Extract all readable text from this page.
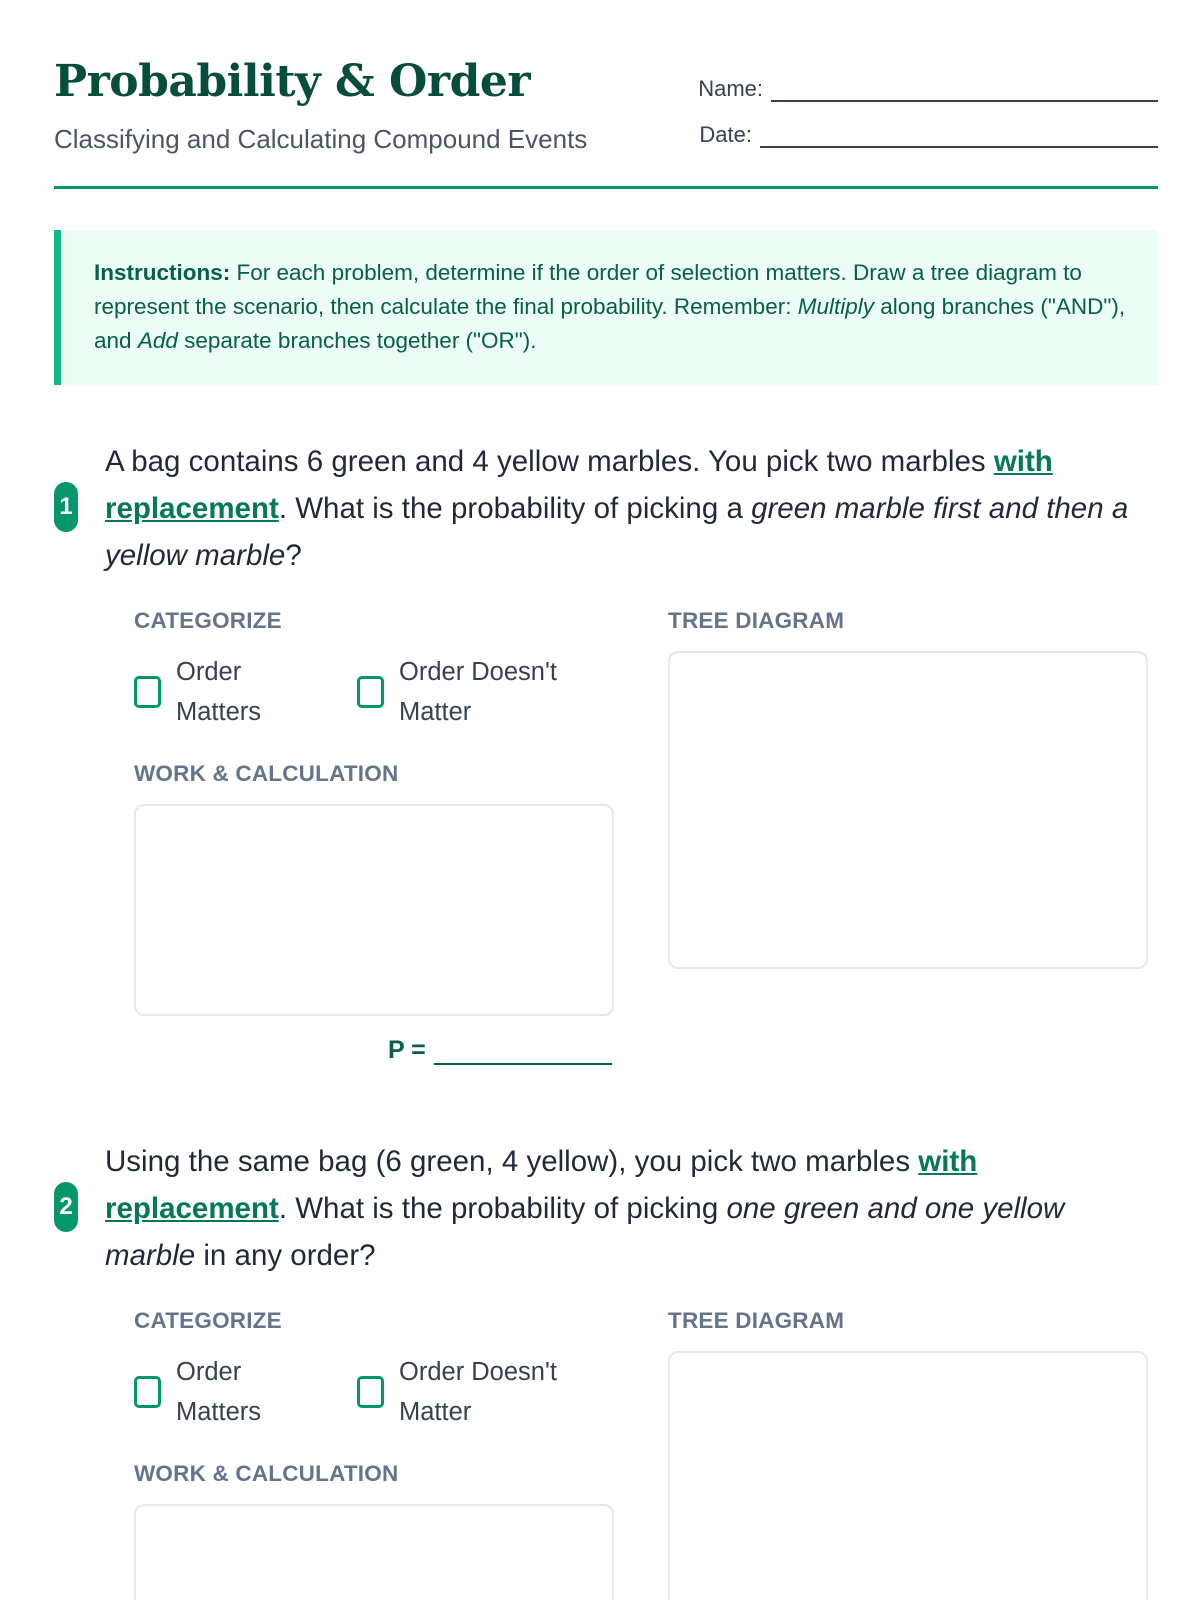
Probability & Order
Classifying and Calculating Compound Events
Name:
Date:
Instructions: For each problem, determine if the order of selection matters. Draw a tree diagram to represent the scenario, then calculate the final probability. Remember: Multiply along branches ("AND"), and Add separate branches together ("OR").
1
A bag contains 6 green and 4 yellow marbles. You pick two marbles with replacement. What is the probability of picking a green marble first and then a yellow marble?
CATEGORIZE
Order Matters
Order Doesn't Matter
WORK & CALCULATION
P =
TREE DIAGRAM
2
Using the same bag (6 green, 4 yellow), you pick two marbles with replacement. What is the probability of picking one green and one yellow marble in any order?
CATEGORIZE
Order Matters
Order Doesn't Matter
WORK & CALCULATION
TREE DIAGRAM
